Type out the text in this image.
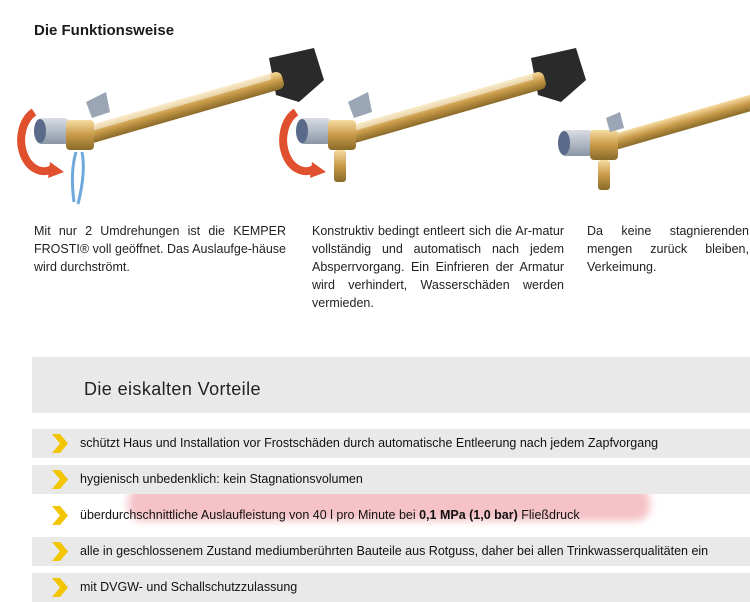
Die Funktionsweise
Mit nur 2 Umdrehungen ist die KEMPER FROSTI® voll geöffnet. Das Auslaufge-häuse wird durchströmt.
Konstruktiv bedingt entleert sich die Ar-matur vollständig und automatisch nach jedem Absperrvorgang. Ein Einfrieren der Armatur wird verhindert, Wasserschäden werden vermieden.
Da keine stagnierenden mengen zurück bleiben, Verkeimung.
Die eiskalten Vorteile
schützt Haus und Installation vor Frostschäden durch automatische Entleerung nach jedem Zapfvorgang
hygienisch unbedenklich: kein Stagnationsvolumen
überdurchschnittliche Auslaufleistung von 40 l pro Minute bei 0,1 MPa (1,0 bar) Fließdruck
alle in geschlossenem Zustand mediumberührten Bauteile aus Rotguss, daher bei allen Trinkwasserqualitäten ein
mit DVGW- und Schallschutzzulassung
